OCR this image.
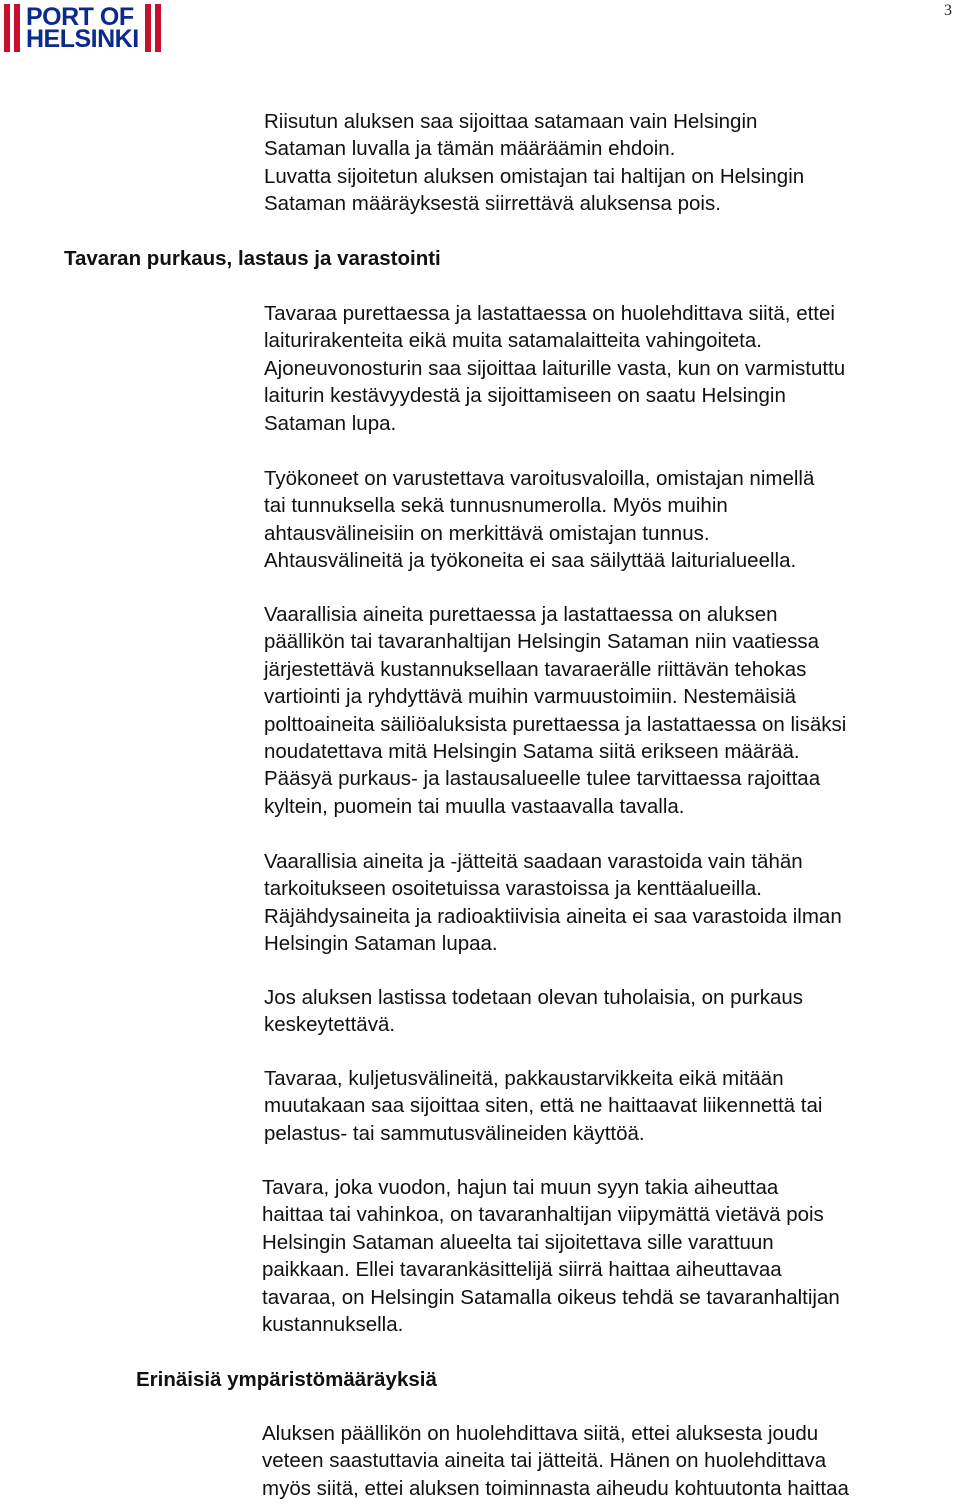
PORT OF
HELSINKI
3

Riisutun aluksen saa sijoittaa satamaan vain Helsingin

Sataman luvalla ja tämän määräämin ehdoin.

Luvatta sijoitetun aluksen omistajan tai haltijan on Helsingin

Sataman määräyksestä siirrettävä aluksensa pois.

Tavaran purkaus, lastaus ja varastointi

Tavaraa purettaessa ja lastattaessa on huolehdittava siitä, ettei

laiturirakenteita eikä muita satamalaitteita vahingoiteta.

Ajoneuvonosturin saa sijoittaa laiturille vasta, kun on varmistuttu

laiturin kestävyydestä ja sijoittamiseen on saatu Helsingin

Sataman lupa.

Työkoneet on varustettava varoitusvaloilla, omistajan nimellä

tai tunnuksella sekä tunnusnumerolla. Myös muihin

ahtausvälineisiin on merkittävä omistajan tunnus.

Ahtausvälineitä ja työkoneita ei saa säilyttää laiturialueella.

Vaarallisia aineita purettaessa ja lastattaessa on aluksen

päällikön tai tavaranhaltijan Helsingin Sataman niin vaatiessa

järjestettävä kustannuksellaan tavaraerälle riittävän tehokas

vartiointi ja ryhdyttävä muihin varmuustoimiin. Nestemäisiä

polttoaineita säiliöaluksista purettaessa ja lastattaessa on lisäksi

noudatettava mitä Helsingin Satama siitä erikseen määrää.

Pääsyä purkaus- ja lastausalueelle tulee tarvittaessa rajoittaa

kyltein, puomein tai muulla vastaavalla tavalla.

Vaarallisia aineita ja -jätteitä saadaan varastoida vain tähän

tarkoitukseen osoitetuissa varastoissa ja kenttäalueilla.

Räjähdysaineita ja radioaktiivisia aineita ei saa varastoida ilman

Helsingin Sataman lupaa.

Jos aluksen lastissa todetaan olevan tuholaisia, on purkaus

keskeytettävä.

Tavaraa, kuljetusvälineitä, pakkaustarvikkeita eikä mitään

muutakaan saa sijoittaa siten, että ne haittaavat liikennettä tai

pelastus- tai sammutusvälineiden käyttöä.

Tavara, joka vuodon, hajun tai muun syyn takia aiheuttaa

haittaa tai vahinkoa, on tavaranhaltijan viipymättä vietävä pois

Helsingin Sataman alueelta tai sijoitettava sille varattuun

paikkaan. Ellei tavarankäsittelijä siirrä haittaa aiheuttavaa

tavaraa, on Helsingin Satamalla oikeus tehdä se tavaranhaltijan

kustannuksella.

Erinäisiä ympäristömääräyksiä

Aluksen päällikön on huolehdittava siitä, ettei aluksesta joudu

veteen saastuttavia aineita tai jätteitä. Hänen on huolehdittava

myös siitä, ettei aluksen toiminnasta aiheudu kohtuutonta haittaa
